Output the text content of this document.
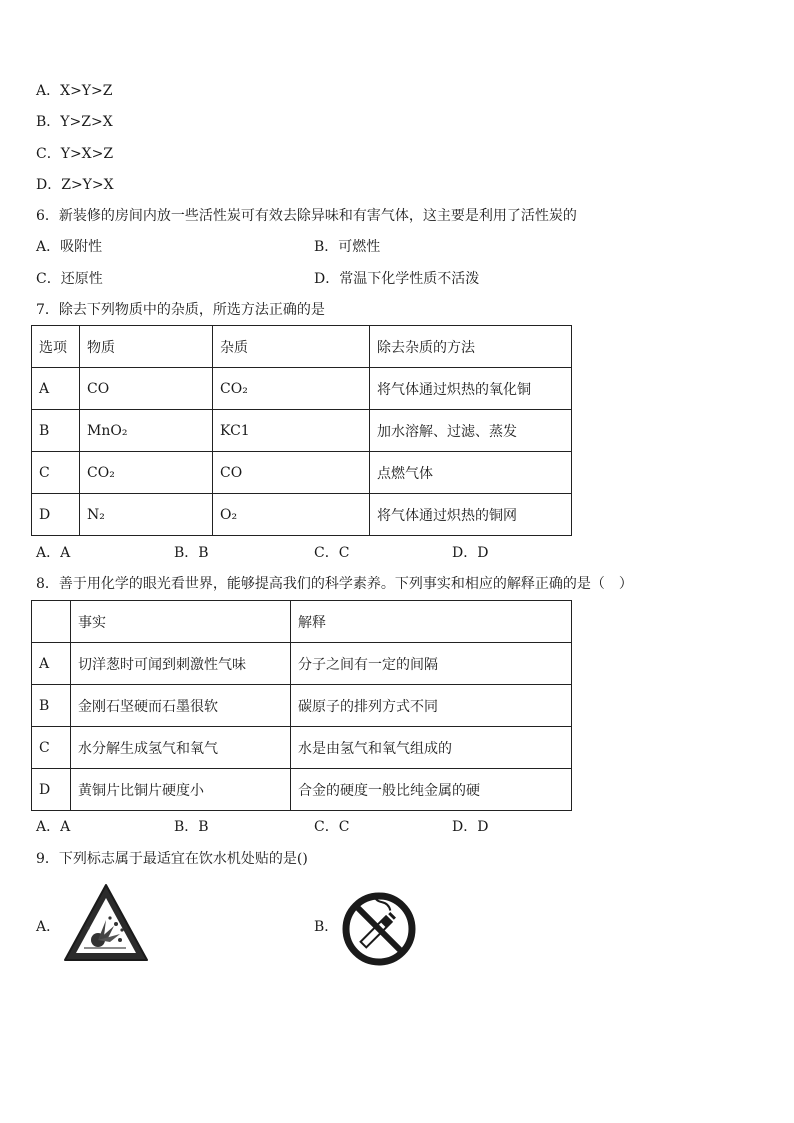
A．X>Y>Z
B．Y>Z>X
C．Y>X>Z
D．Z>Y>X
6．新装修的房间内放一些活性炭可有效去除异味和有害气体，这主要是利用了活性炭的
A．吸附性	B．可燃性
C．还原性	D．常温下化学性质不活泼
7．除去下列物质中的杂质，所选方法正确的是
选项	物质	杂质	除去杂质的方法
A	CO	CO₂	将气体通过炽热的氧化铜
B	MnO₂	KC1	加水溶解、过滤、蒸发
C	CO₂	CO	点燃气体
D	N₂	O₂	将气体通过炽热的铜网
A．A	B．B	C．C	D．D
8．善于用化学的眼光看世界，能够提高我们的科学素养。下列事实和相应的解释正确的是（　）
	事实	解释
A	切洋葱时可闻到刺激性气味	分子之间有一定的间隔
B	金刚石坚硬而石墨很软	碳原子的排列方式不同
C	水分解生成氢气和氧气	水是由氢气和氧气组成的
D	黄铜片比铜片硬度小	合金的硬度一般比纯金属的硬
A．A	B．B	C．C	D．D
9．下列标志属于最适宜在饮水机处贴的是()
A．	B．
